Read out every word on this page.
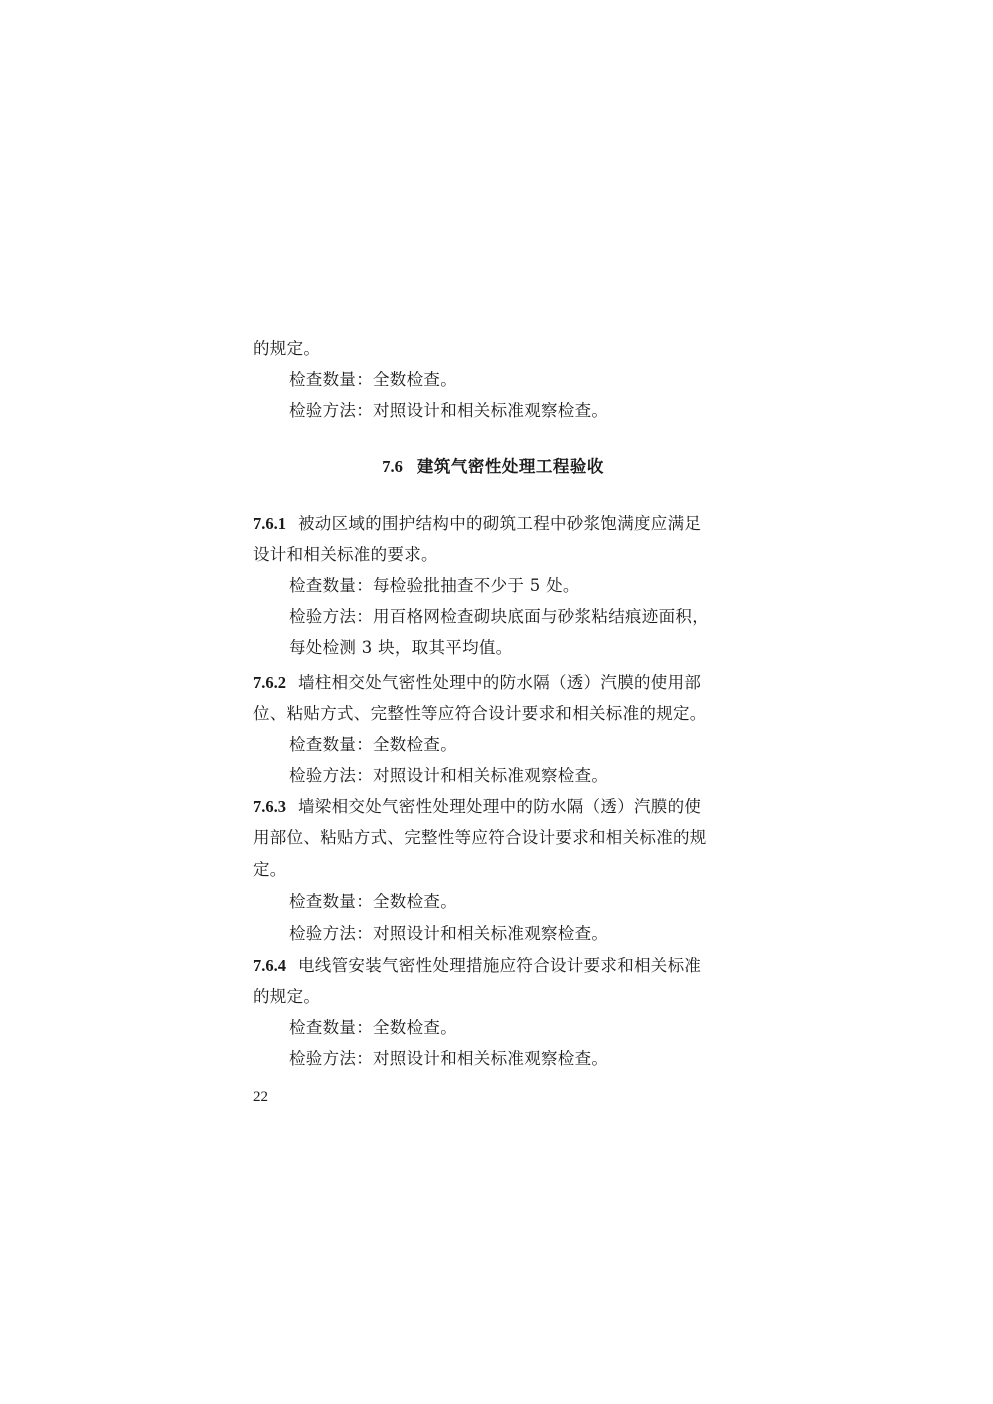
的规定。
检查数量：全数检查。
检验方法：对照设计和相关标准观察检查。
7.6 建筑气密性处理工程验收
7.6.1 被动区域的围护结构中的砌筑工程中砂浆饱满度应满足
设计和相关标准的要求。
检查数量：每检验批抽查不少于 5 处。
检验方法：用百格网检查砌块底面与砂浆粘结痕迹面积，
每处检测 3 块，取其平均值。
7.6.2 墙柱相交处气密性处理中的防水隔（透）汽膜的使用部
位、粘贴方式、完整性等应符合设计要求和相关标准的规定。
检查数量：全数检查。
检验方法：对照设计和相关标准观察检查。
7.6.3 墙梁相交处气密性处理处理中的防水隔（透）汽膜的使
用部位、粘贴方式、完整性等应符合设计要求和相关标准的规
定。
检查数量：全数检查。
检验方法：对照设计和相关标准观察检查。
7.6.4 电线管安装气密性处理措施应符合设计要求和相关标准
的规定。
检查数量：全数检查。
检验方法：对照设计和相关标准观察检查。
22
